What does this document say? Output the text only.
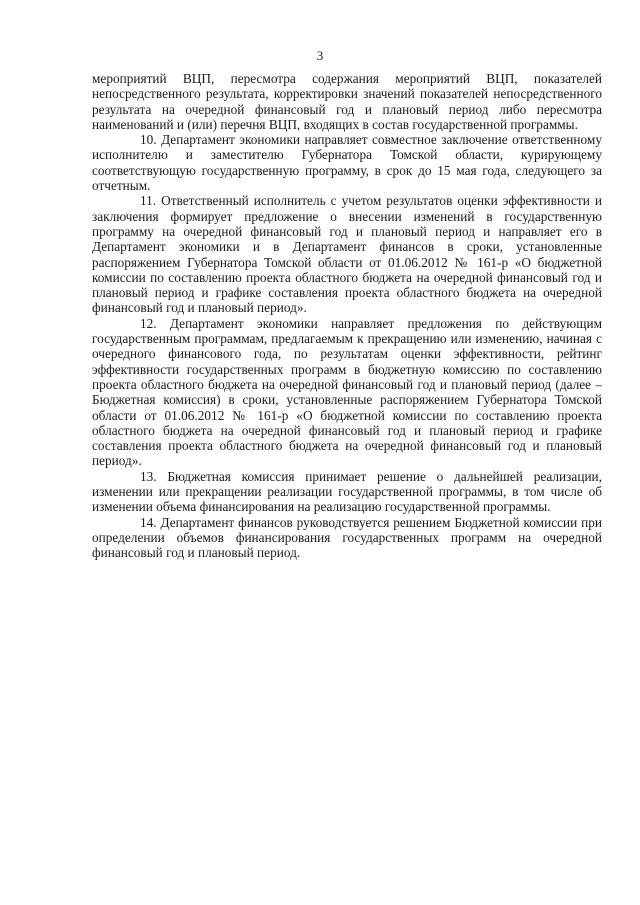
3

мероприятий ВЦП, пересмотра содержания мероприятий ВЦП, показателей непосредственного результата, корректировки значений показателей непосредственного результата на очередной финансовый год и плановый период либо пересмотра наименований и (или) перечня ВЦП, входящих в состав государственной программы.

10. Департамент экономики направляет совместное заключение ответственному исполнителю и заместителю Губернатора Томской области, курирующему соответствующую государственную программу, в срок до 15 мая года, следующего за отчетным.

11. Ответственный исполнитель с учетом результатов оценки эффективности и заключения формирует предложение о внесении изменений в государственную программу на очередной финансовый год и плановый период и направляет его в Департамент экономики и в Департамент финансов в сроки, установленные распоряжением Губернатора Томской области от 01.06.2012 № 161-р «О бюджетной комиссии по составлению проекта областного бюджета на очередной финансовый год и плановый период и графике составления проекта областного бюджета на очередной финансовый год и плановый период».

12. Департамент экономики направляет предложения по действующим государственным программам, предлагаемым к прекращению или изменению, начиная с очередного финансового года, по результатам оценки эффективности, рейтинг эффективности государственных программ в бюджетную комиссию по составлению проекта областного бюджета на очередной финансовый год и плановый период (далее – Бюджетная комиссия) в сроки, установленные распоряжением Губернатора Томской области от 01.06.2012 № 161-р «О бюджетной комиссии по составлению проекта областного бюджета на очередной финансовый год и плановый период и графике составления проекта областного бюджета на очередной финансовый год и плановый период».

13. Бюджетная комиссия принимает решение о дальнейшей реализации, изменении или прекращении реализации государственной программы, в том числе об изменении объема финансирования на реализацию государственной программы.

14. Департамент финансов руководствуется решением Бюджетной комиссии при определении объемов финансирования государственных программ на очередной финансовый год и плановый период.
